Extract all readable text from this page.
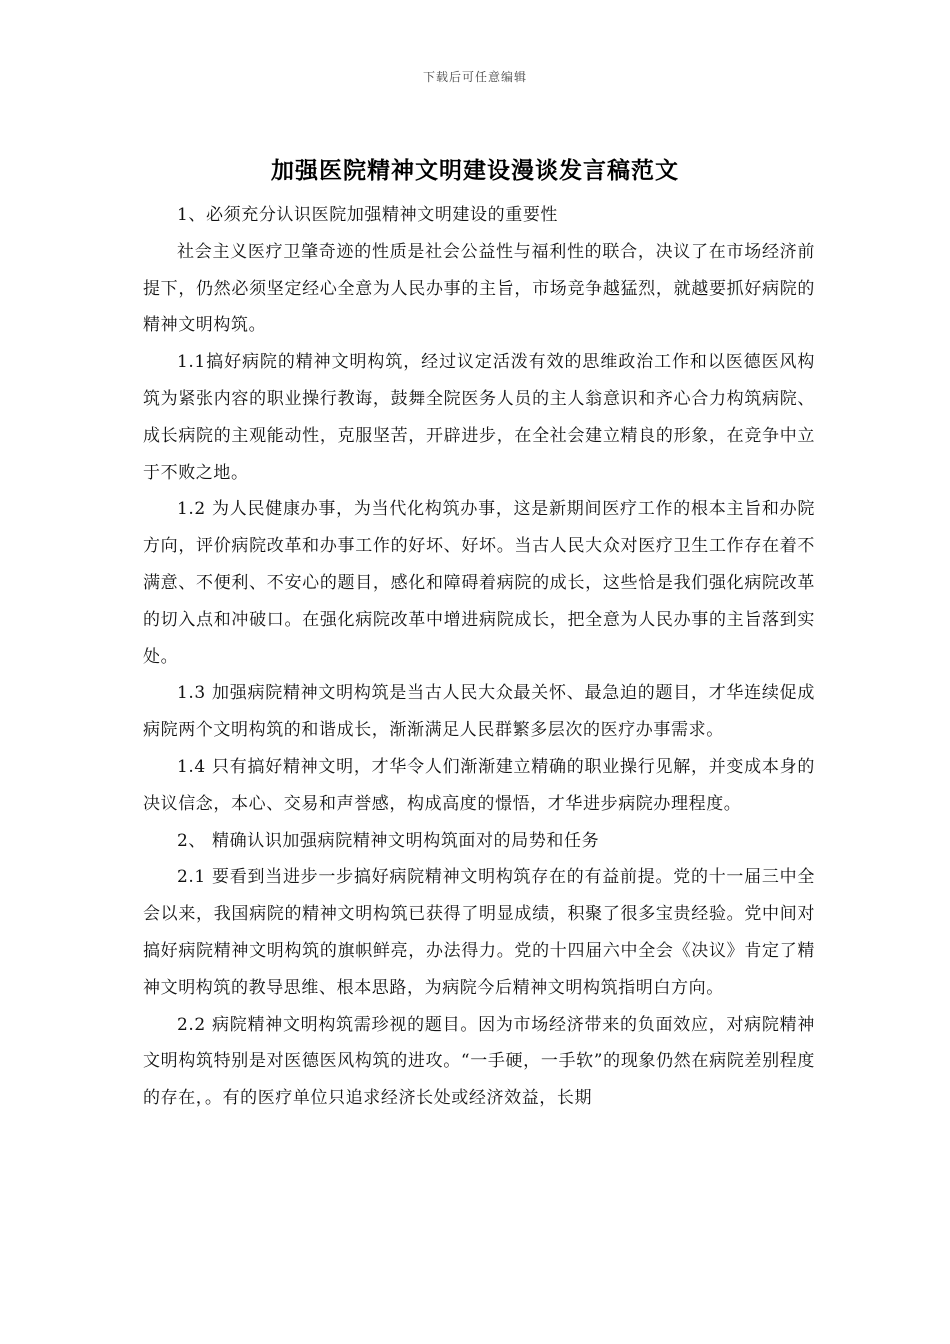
下载后可任意编辑
加强医院精神文明建设漫谈发言稿范文

1、必须充分认识医院加强精神文明建设的重要性

社会主义医疗卫肇奇迹的性质是社会公益性与福利性的联合，决议了在市场经济前提下，仍然必须坚定经心全意为人民办事的主旨，市场竞争越猛烈，就越要抓好病院的精神文明构筑。

1.1搞好病院的精神文明构筑，经过议定活泼有效的思维政治工作和以医德医风构筑为紧张内容的职业操行教诲，鼓舞全院医务人员的主人翁意识和齐心合力构筑病院、成长病院的主观能动性，克服坚苦，开辟进步，在全社会建立精良的形象，在竞争中立于不败之地。

1.2 为人民健康办事，为当代化构筑办事，这是新期间医疗工作的根本主旨和办院方向，评价病院改革和办事工作的好坏、好坏。当古人民大众对医疗卫生工作存在着不满意、不便利、不安心的题目，感化和障碍着病院的成长，这些恰是我们强化病院改革的切入点和冲破口。在强化病院改革中增进病院成长，把全意为人民办事的主旨落到实处。

1.3 加强病院精神文明构筑是当古人民大众最关怀、最急迫的题目，才华连续促成病院两个文明构筑的和谐成长，渐渐满足人民群繁多层次的医疗办事需求。

1.4 只有搞好精神文明，才华令人们渐渐建立精确的职业操行见解，并变成本身的决议信念，本心、交易和声誉感，构成高度的憬悟，才华进步病院办理程度。

2、 精确认识加强病院精神文明构筑面对的局势和任务

2.1 要看到当进步一步搞好病院精神文明构筑存在的有益前提。党的十一届三中全会以来，我国病院的精神文明构筑已获得了明显成绩，积聚了很多宝贵经验。党中间对搞好病院精神文明构筑的旗帜鲜亮，办法得力。党的十四届六中全会《决议》肯定了精神文明构筑的教导思维、根本思路，为病院今后精神文明构筑指明白方向。

2.2 病院精神文明构筑需珍视的题目。因为市场经济带来的负面效应，对病院精神文明构筑特别是对医德医风构筑的进攻。“一手硬，一手软”的现象仍然在病院差别程度的存在，。有的医疗单位只追求经济长处或经济效益，长期
